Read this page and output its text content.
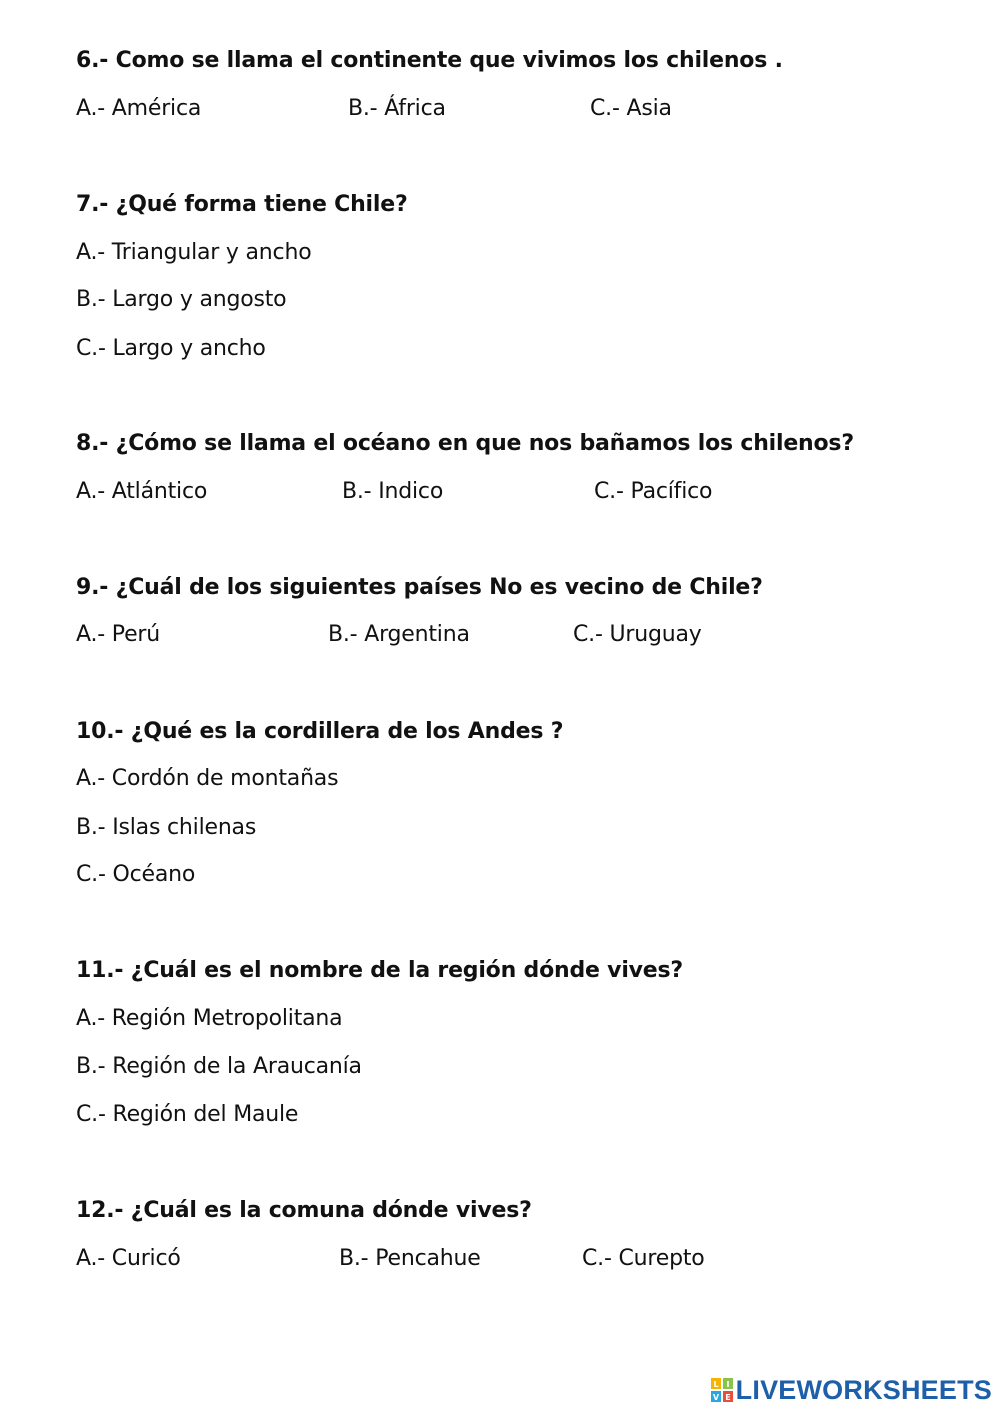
6.- Como se llama el continente que vivimos los chilenos .
A.- América	B.- África	C.- Asia
7.- ¿Qué forma tiene Chile?
A.- Triangular y ancho
B.- Largo y angosto
C.- Largo y ancho
8.- ¿Cómo se llama el océano en que nos bañamos los chilenos?
A.- Atlántico	B.- Indico	C.- Pacífico
9.- ¿Cuál de los siguientes países No es vecino de Chile?
A.- Perú	B.- Argentina	C.- Uruguay
10.- ¿Qué es la cordillera de los Andes ?
A.- Cordón de montañas
B.- Islas chilenas
C.- Océano
11.- ¿Cuál es el nombre de la región dónde vives?
A.- Región Metropolitana
B.- Región de la Araucanía
C.- Región del Maule
12.- ¿Cuál es la comuna dónde vives?
A.- Curicó	B.- Pencahue	C.- Curepto
L I
V E LIVEWORKSHEETS
